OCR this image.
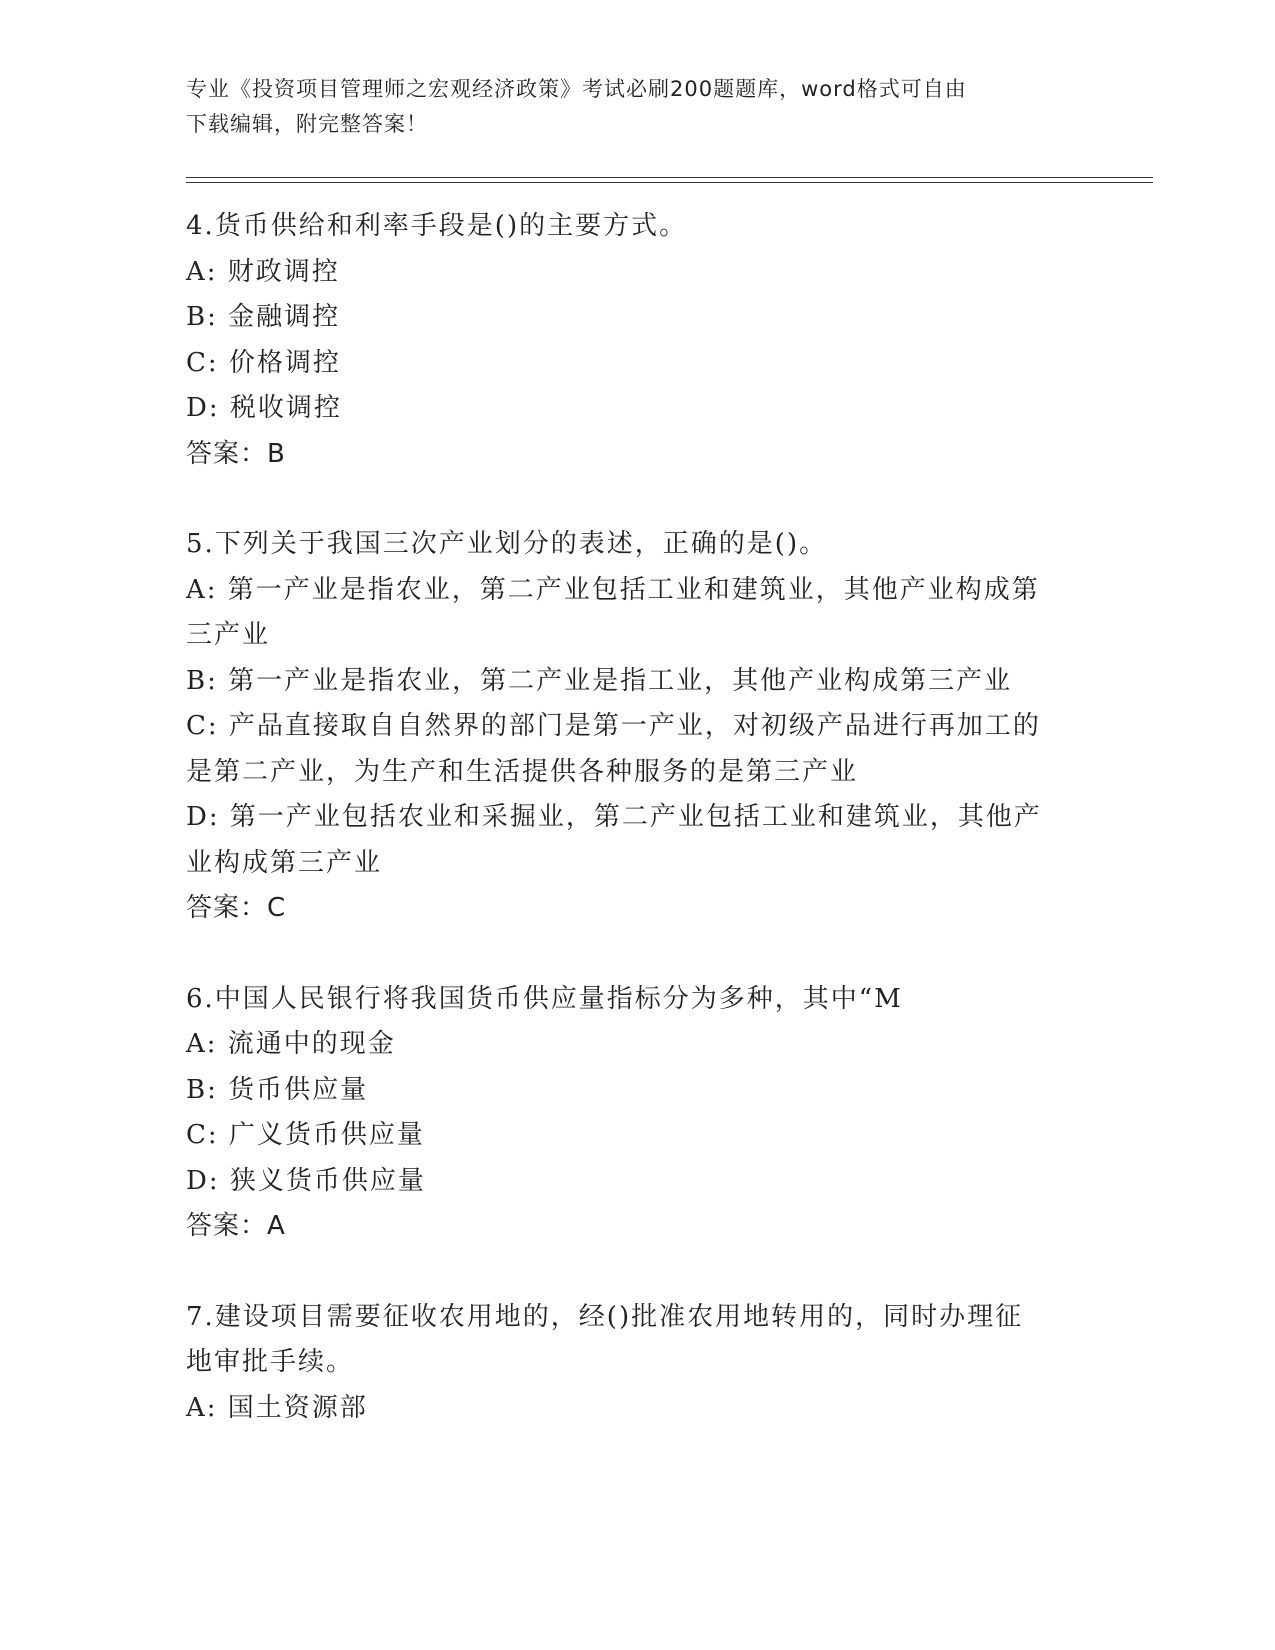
专业《投资项目管理师之宏观经济政策》考试必刷200题题库，word格式可自由
下载编辑，附完整答案！

4.货币供给和利率手段是()的主要方式。

A: 财政调控

B: 金融调控

C: 价格调控

D: 税收调控

答案：B

5.下列关于我国三次产业划分的表述，正确的是()。

A: 第一产业是指农业，第二产业包括工业和建筑业，其他产业构成第

三产业

B: 第一产业是指农业，第二产业是指工业，其他产业构成第三产业

C: 产品直接取自自然界的部门是第一产业，对初级产品进行再加工的

是第二产业，为生产和生活提供各种服务的是第三产业

D: 第一产业包括农业和采掘业，第二产业包括工业和建筑业，其他产

业构成第三产业

答案：C

6.中国人民银行将我国货币供应量指标分为多种，其中“M

A: 流通中的现金

B: 货币供应量

C: 广义货币供应量

D: 狭义货币供应量

答案：A

7.建设项目需要征收农用地的，经()批准农用地转用的，同时办理征

地审批手续。

A: 国土资源部
